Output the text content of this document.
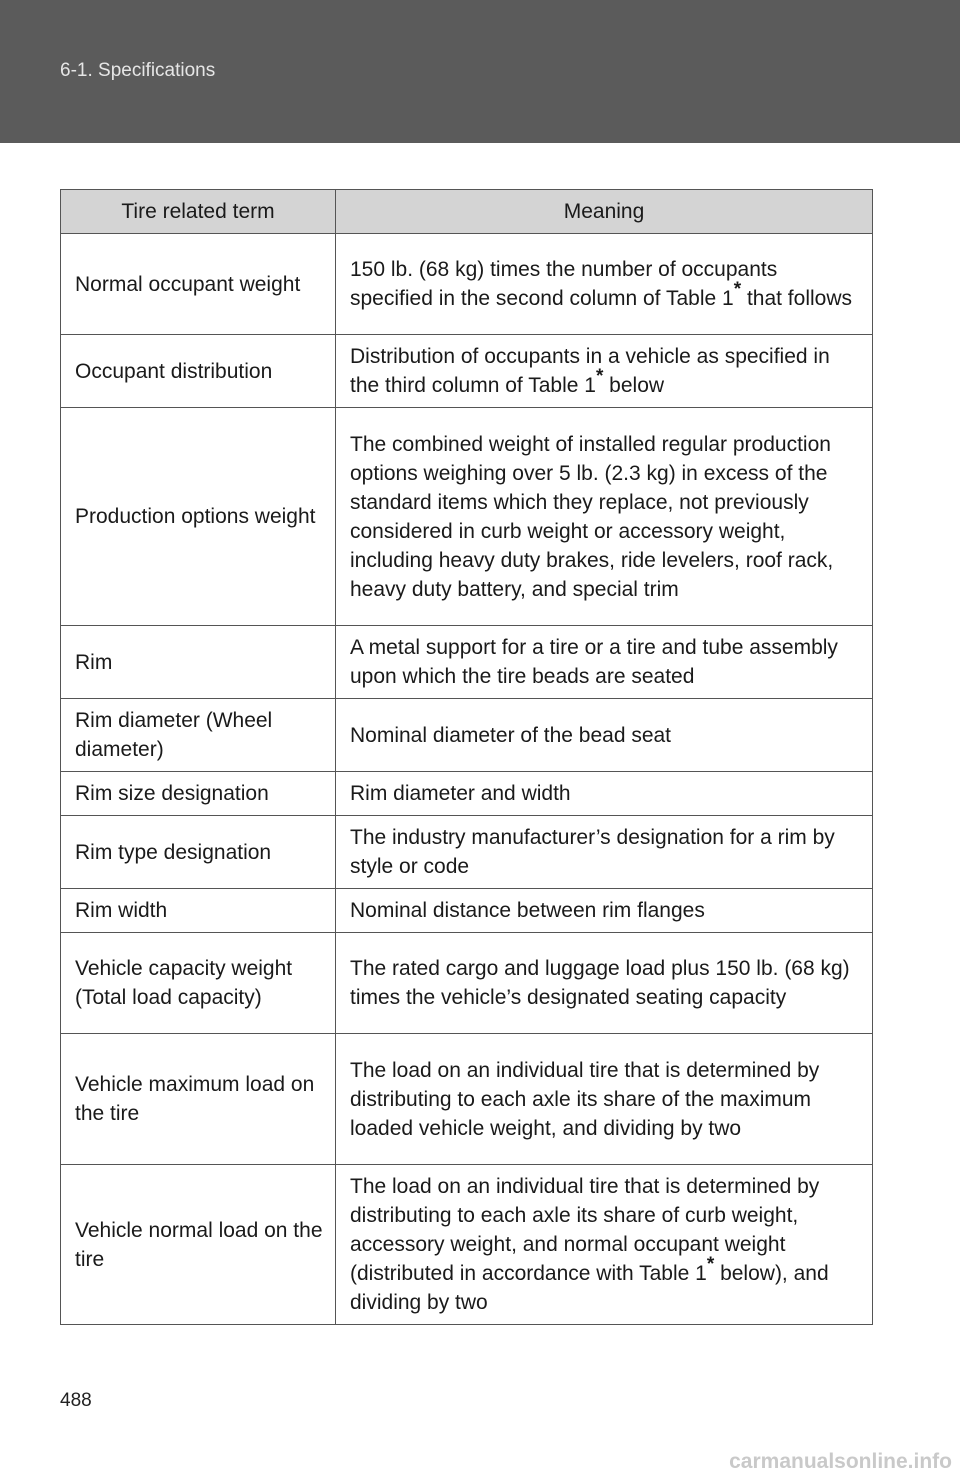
6-1. Specifications
Tire related term	Meaning
Normal occupant weight	150 lb. (68 kg) times the number of occupants specified in the second column of Table 1* that follows
Occupant distribution	Distribution of occupants in a vehicle as specified in the third column of Table 1* below
Production options weight	The combined weight of installed regular production options weighing over 5 lb. (2.3 kg) in excess of the standard items which they replace, not previously considered in curb weight or accessory weight, including heavy duty brakes, ride levelers, roof rack, heavy duty battery, and special trim
Rim	A metal support for a tire or a tire and tube assembly upon which the tire beads are seated
Rim diameter (Wheel diameter)	Nominal diameter of the bead seat
Rim size designation	Rim diameter and width
Rim type designation	The industry manufacturer’s designation for a rim by style or code
Rim width	Nominal distance between rim flanges
Vehicle capacity weight (Total load capacity)	The rated cargo and luggage load plus 150 lb. (68 kg) times the vehicle’s designated seating capacity
Vehicle maximum load on the tire	The load on an individual tire that is determined by distributing to each axle its share of the maximum loaded vehicle weight, and dividing by two
Vehicle normal load on the tire	The load on an individual tire that is determined by distributing to each axle its share of curb weight, accessory weight, and normal occupant weight (distributed in accordance with Table 1* below), and dividing by two
488
carmanualsonline.info
